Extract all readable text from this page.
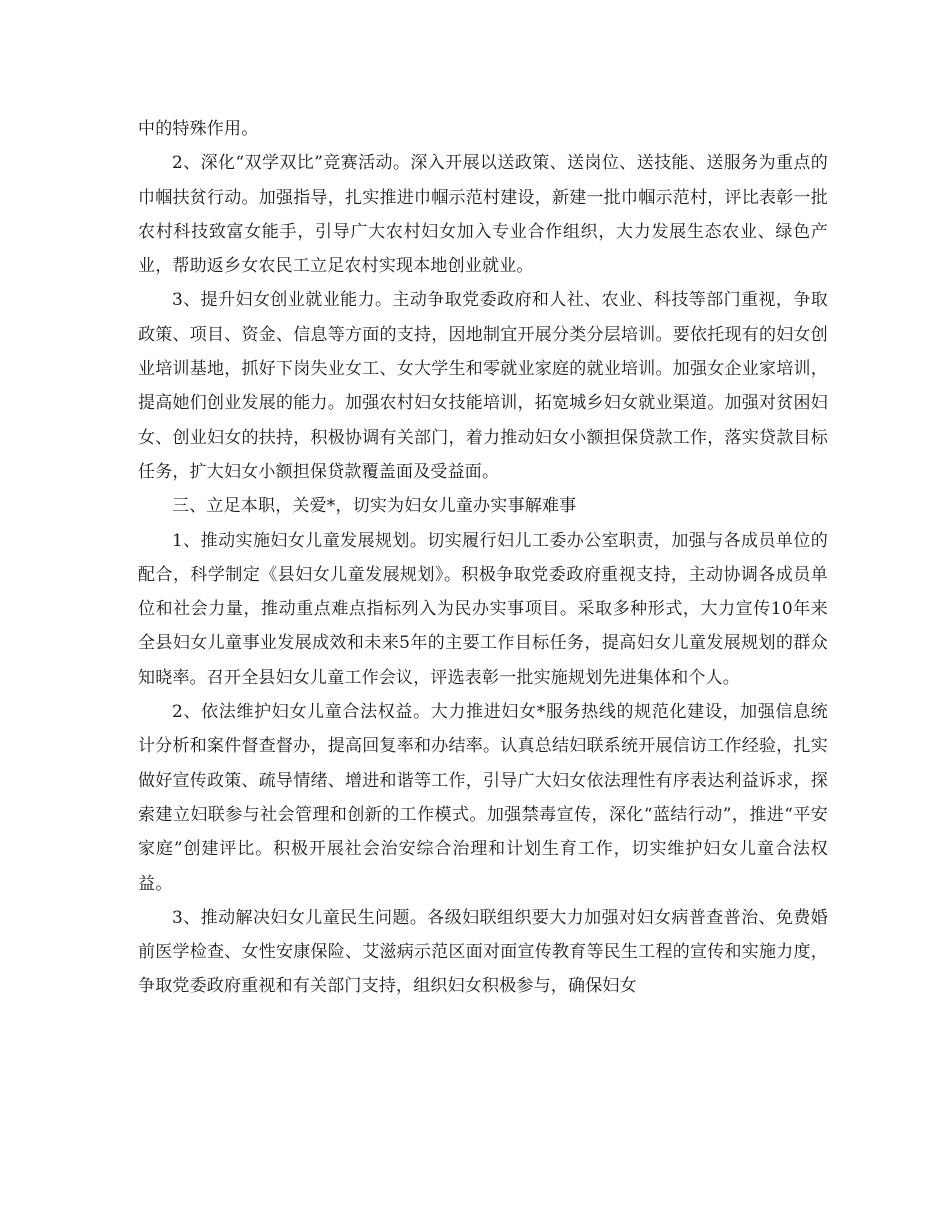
中的特殊作用。

2、深化“双学双比”竞赛活动。深入开展以送政策、送岗位、送技能、送服务为重点的巾帼扶贫行动。加强指导，扎实推进巾帼示范村建设，新建一批巾帼示范村，评比表彰一批农村科技致富女能手，引导广大农村妇女加入专业合作组织，大力发展生态农业、绿色产业，帮助返乡女农民工立足农村实现本地创业就业。

3、提升妇女创业就业能力。主动争取党委政府和人社、农业、科技等部门重视，争取政策、项目、资金、信息等方面的支持，因地制宜开展分类分层培训。要依托现有的妇女创业培训基地，抓好下岗失业女工、女大学生和零就业家庭的就业培训。加强女企业家培训，提高她们创业发展的能力。加强农村妇女技能培训，拓宽城乡妇女就业渠道。加强对贫困妇女、创业妇女的扶持，积极协调有关部门，着力推动妇女小额担保贷款工作，落实贷款目标任务，扩大妇女小额担保贷款覆盖面及受益面。

三、立足本职，关爱*，切实为妇女儿童办实事解难事

1、推动实施妇女儿童发展规划。切实履行妇儿工委办公室职责，加强与各成员单位的配合，科学制定《县妇女儿童发展规划》。积极争取党委政府重视支持，主动协调各成员单位和社会力量，推动重点难点指标列入为民办实事项目。采取多种形式，大力宣传10年来全县妇女儿童事业发展成效和未来5年的主要工作目标任务，提高妇女儿童发展规划的群众知晓率。召开全县妇女儿童工作会议，评选表彰一批实施规划先进集体和个人。

2、依法维护妇女儿童合法权益。大力推进妇女*服务热线的规范化建设，加强信息统计分析和案件督查督办，提高回复率和办结率。认真总结妇联系统开展信访工作经验，扎实做好宣传政策、疏导情绪、增进和谐等工作，引导广大妇女依法理性有序表达利益诉求，探索建立妇联参与社会管理和创新的工作模式。加强禁毒宣传，深化“蓝结行动”，推进“平安家庭”创建评比。积极开展社会治安综合治理和计划生育工作，切实维护妇女儿童合法权益。

3、推动解决妇女儿童民生问题。各级妇联组织要大力加强对妇女病普查普治、免费婚前医学检查、女性安康保险、艾滋病示范区面对面宣传教育等民生工程的宣传和实施力度，争取党委政府重视和有关部门支持，组织妇女积极参与，确保妇女
